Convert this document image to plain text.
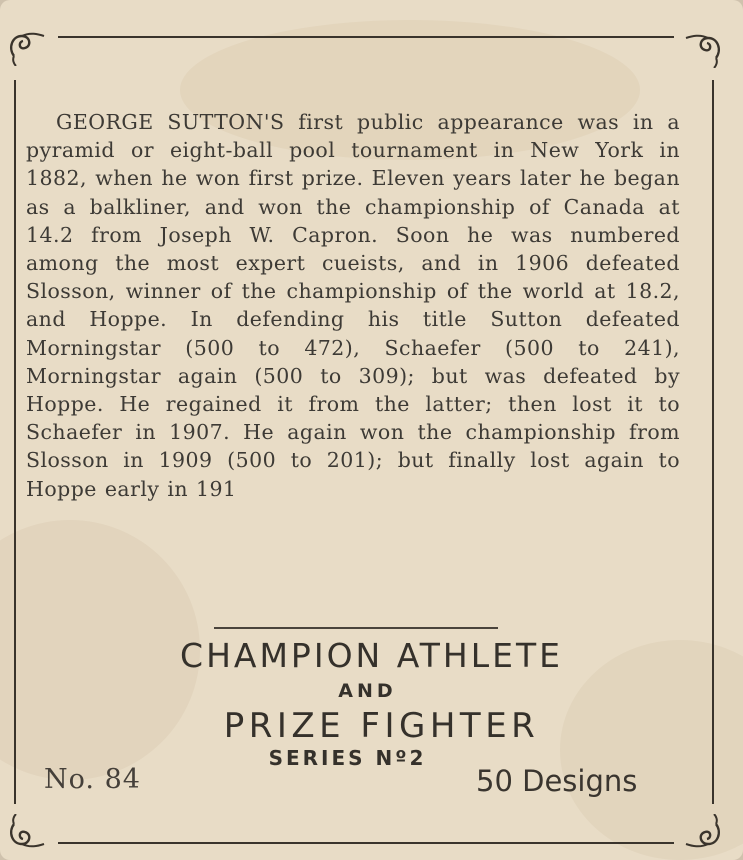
GEORGE SUTTON'S first public appearance was in a pyramid or eight-ball pool tournament in New York in 1882, when he won first prize. Eleven years later he began as a balkliner, and won the championship of Canada at 14.2 from Joseph W. Capron. Soon he was numbered among the most expert cueists, and in 1906 defeated Slosson, winner of the championship of the world at 18.2, and Hoppe. In defending his title Sutton defeated Morningstar (500 to 472), Schaefer (500 to 241), Morningstar again (500 to 309); but was defeated by Hoppe. He regained it from the latter; then lost it to Schaefer in 1907. He again won the championship from Slosson in 1909 (500 to 201); but finally lost again to Hoppe early in 191

CHAMPION ATHLETE
AND
PRIZE FIGHTER
SERIES Nº2
No. 84	50 Designs
